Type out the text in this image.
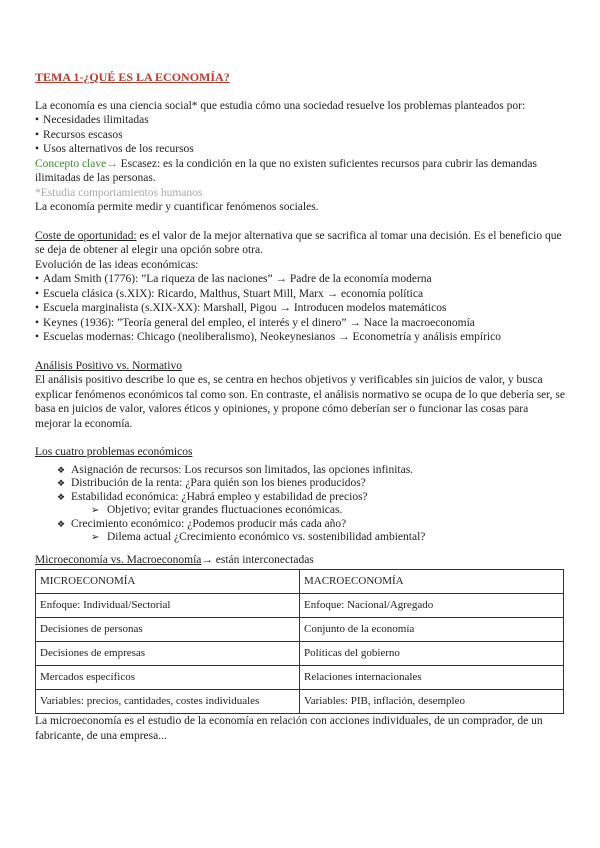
TEMA 1-¿QUÉ ES LA ECONOMÍA?

La economía es una ciencia social* que estudia cómo una sociedad resuelve los problemas planteados por:

• Necesidades ilimitadas
• Recursos escasos
• Usos alternativos de los recursos

Concepto clave→ Escasez: es la condición en la que no existen suficientes recursos para cubrir las demandas ilimitadas de las personas.

*Estudia comportamientos humanos

La economía permite medir y cuantificar fenómenos sociales.

Coste de oportunidad: es el valor de la mejor alternativa que se sacrifica al tomar una decisión. Es el beneficio que se deja de obtener al elegir una opción sobre otra.

Evolución de las ideas económicas:

• Adam Smith (1776): ”La riqueza de las naciones” → Padre de la economía moderna
• Escuela clásica (s.XIX): Ricardo, Malthus, Stuart Mill, Marx → economía política
• Escuela marginalista (s.XIX-XX): Marshall, Pigou → Introducen modelos matemáticos
• Keynes (1936): ”Teoría general del empleo, el interés y el dinero” → Nace la macroeconomía
• Escuelas modernas: Chicago (neoliberalismo), Neokeynesianos → Econometría y análisis empírico

Análisis Positivo vs. Normativo

El análisis positivo describe lo que es, se centra en hechos objetivos y verificables sin juicios de valor, y busca explicar fenómenos económicos tal como son. En contraste, el análisis normativo se ocupa de lo que debería ser, se basa en juicios de valor, valores éticos y opiniones, y propone cómo deberían ser o funcionar las cosas para mejorar la economía.

Los cuatro problemas económicos

❖ Asignación de recursos: Los recursos son limitados, las opciones infinitas.
❖ Distribución de la renta: ¿Para quién son los bienes producidos?
❖ Estabilidad económica: ¿Habrá empleo y estabilidad de precios?
➢ Objetivo; evitar grandes fluctuaciones económicas.
❖ Crecimiento económico: ¿Podemos producir más cada año?
➢ Dilema actual ¿Crecimiento económico vs. sostenibilidad ambiental?

Microeconomía vs. Macroeconomía→ están interconectadas

MICROECONOMÍA	MACROECONOMÍA
Enfoque: Individual/Sectorial	Enfoque: Nacional/Agregado
Decisiones de personas	Conjunto de la economía
Decisiones de empresas	Políticas del gobierno
Mercados específicos	Relaciones internacionales
Variables: precios, cantidades, costes individuales	Variables: PIB, inflación, desempleo

La microeconomía es el estudio de la economía en relación con acciones individuales, de un comprador, de un fabricante, de una empresa...
